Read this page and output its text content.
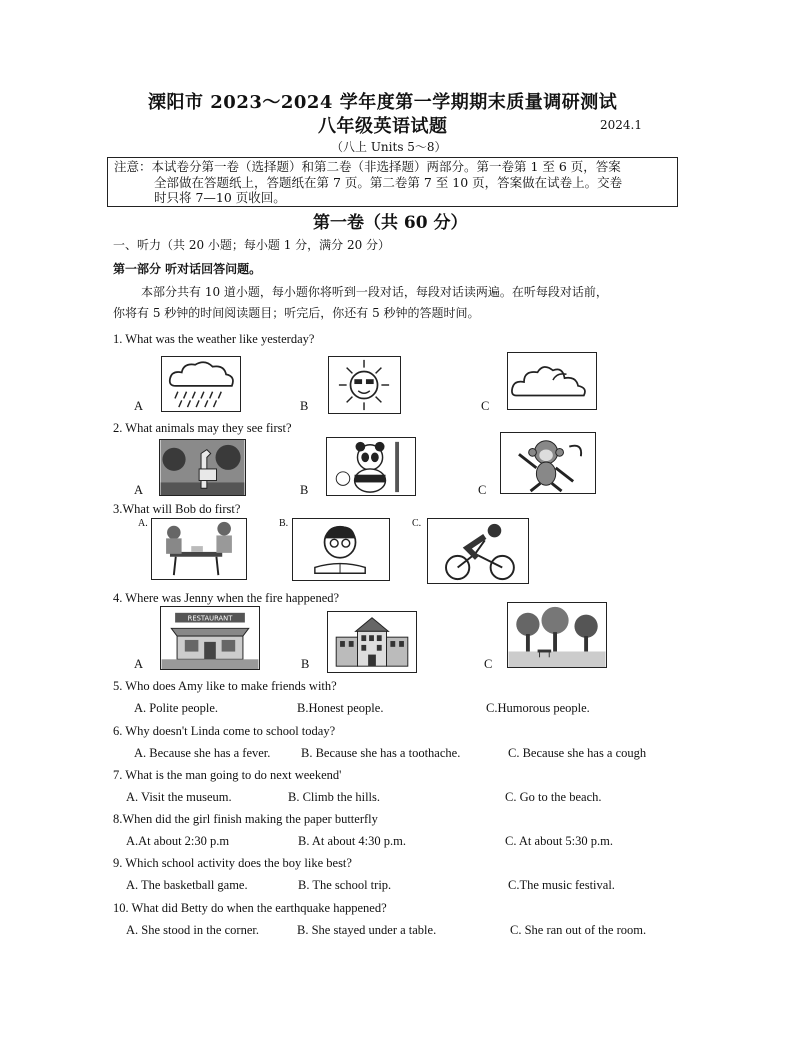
溧阳市 2023～2024 学年度第一学期期末质量调研测试
八年级英语试题	2024.1
（八上 Units 5～8）
注意：本试卷分第一卷（选择题）和第二卷（非选择题）两部分。第一卷第 1 至 6 页，答案
全部做在答题纸上，答题纸在第 7 页。第二卷第 7 至 10 页，答案做在试卷上。交卷
时只将 7—10 页收回。
第一卷（共 60 分）
一、听力（共 20 小题；每小题 1 分，满分 20 分）
第一部分 听对话回答问题。
本部分共有 10 道小题，每小题你将听到一段对话，每段对话读两遍。在听每段对话前，
你将有 5 秒钟的时间阅读题目；听完后，你还有 5 秒钟的答题时间。
1. What was the weather like yesterday?
A	B	C
2. What animals may they see first?
A	B	C
3.What will Bob do first?
A.	B.	C.
4. Where was Jenny when the fire happened?
A
RESTAURANT
B	C
5. Who does Amy like to make friends with?
A. Polite people.	B.Honest people.	C.Humorous people.
6. Why doesn't Linda come to school today?
A. Because she has a fever. B. Because she has a toothache.	C. Because she has a cough
7. What is the man going to do next weekend'
A. Visit the museum.	B. Climb the hills.	C. Go to the beach.
8.When did the girl finish making the paper butterfly
A.At about 2:30 p.m	B. At about 4:30 p.m.	C. At about 5:30 p.m.
9. Which school activity does the boy like best?
A. The basketball game.	B. The school trip.	C.The music festival.
10. What did Betty do when the earthquake happened?
A. She stood in the corner.	B. She stayed under a table.	C. She ran out of the room.
